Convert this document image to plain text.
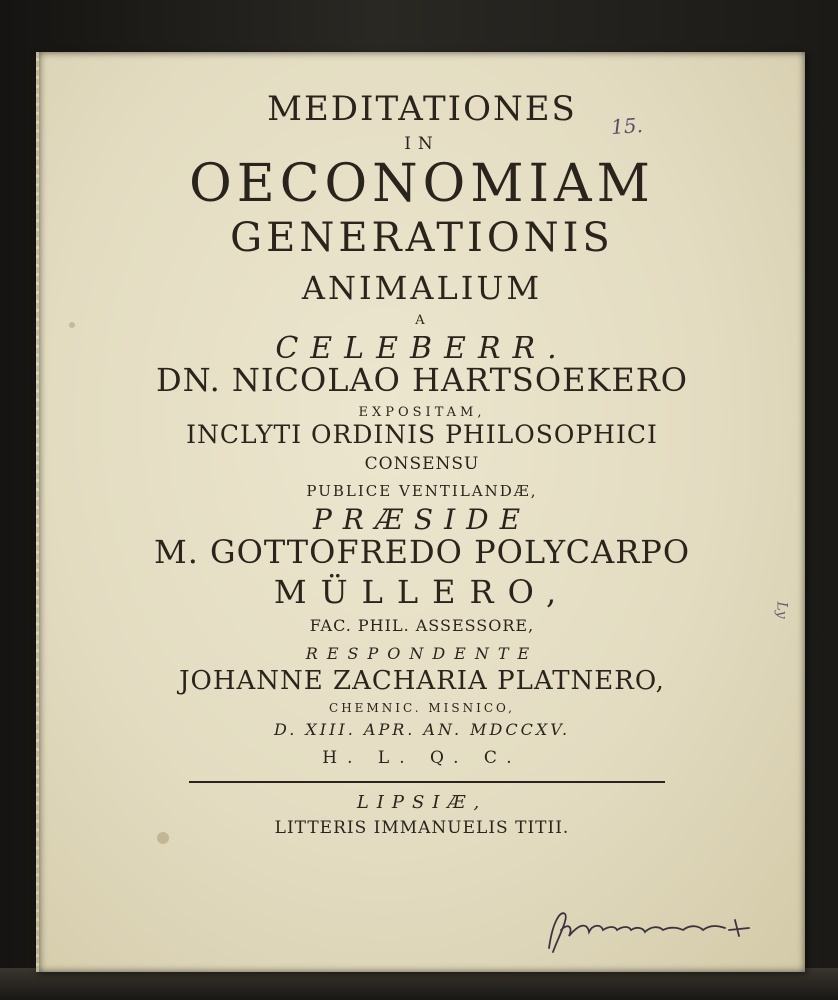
MEDITATIONES
IN
OECONOMIAM
GENERATIONIS
ANIMALIUM
A
CELEBERR.
DN. NICOLAO HARTSOEKERO
EXPOSITAM,
INCLYTI ORDINIS PHILOSOPHICI
CONSENSU
PUBLICE VENTILANDÆ,
PRÆSIDE
M. GOTTOFREDO POLYCARPO
MÜLLERO,
FAC. PHIL. ASSESSORE,
RESPONDENTE
JOHANNE ZACHARIA PLATNERO,
CHEMNIC. MISNICO,
D. XIII. APR. AN. MDCCXV.
H. L. Q. C.
LIPSIÆ,
LITTERIS IMMANUELIS TITII.
15.
Ly
